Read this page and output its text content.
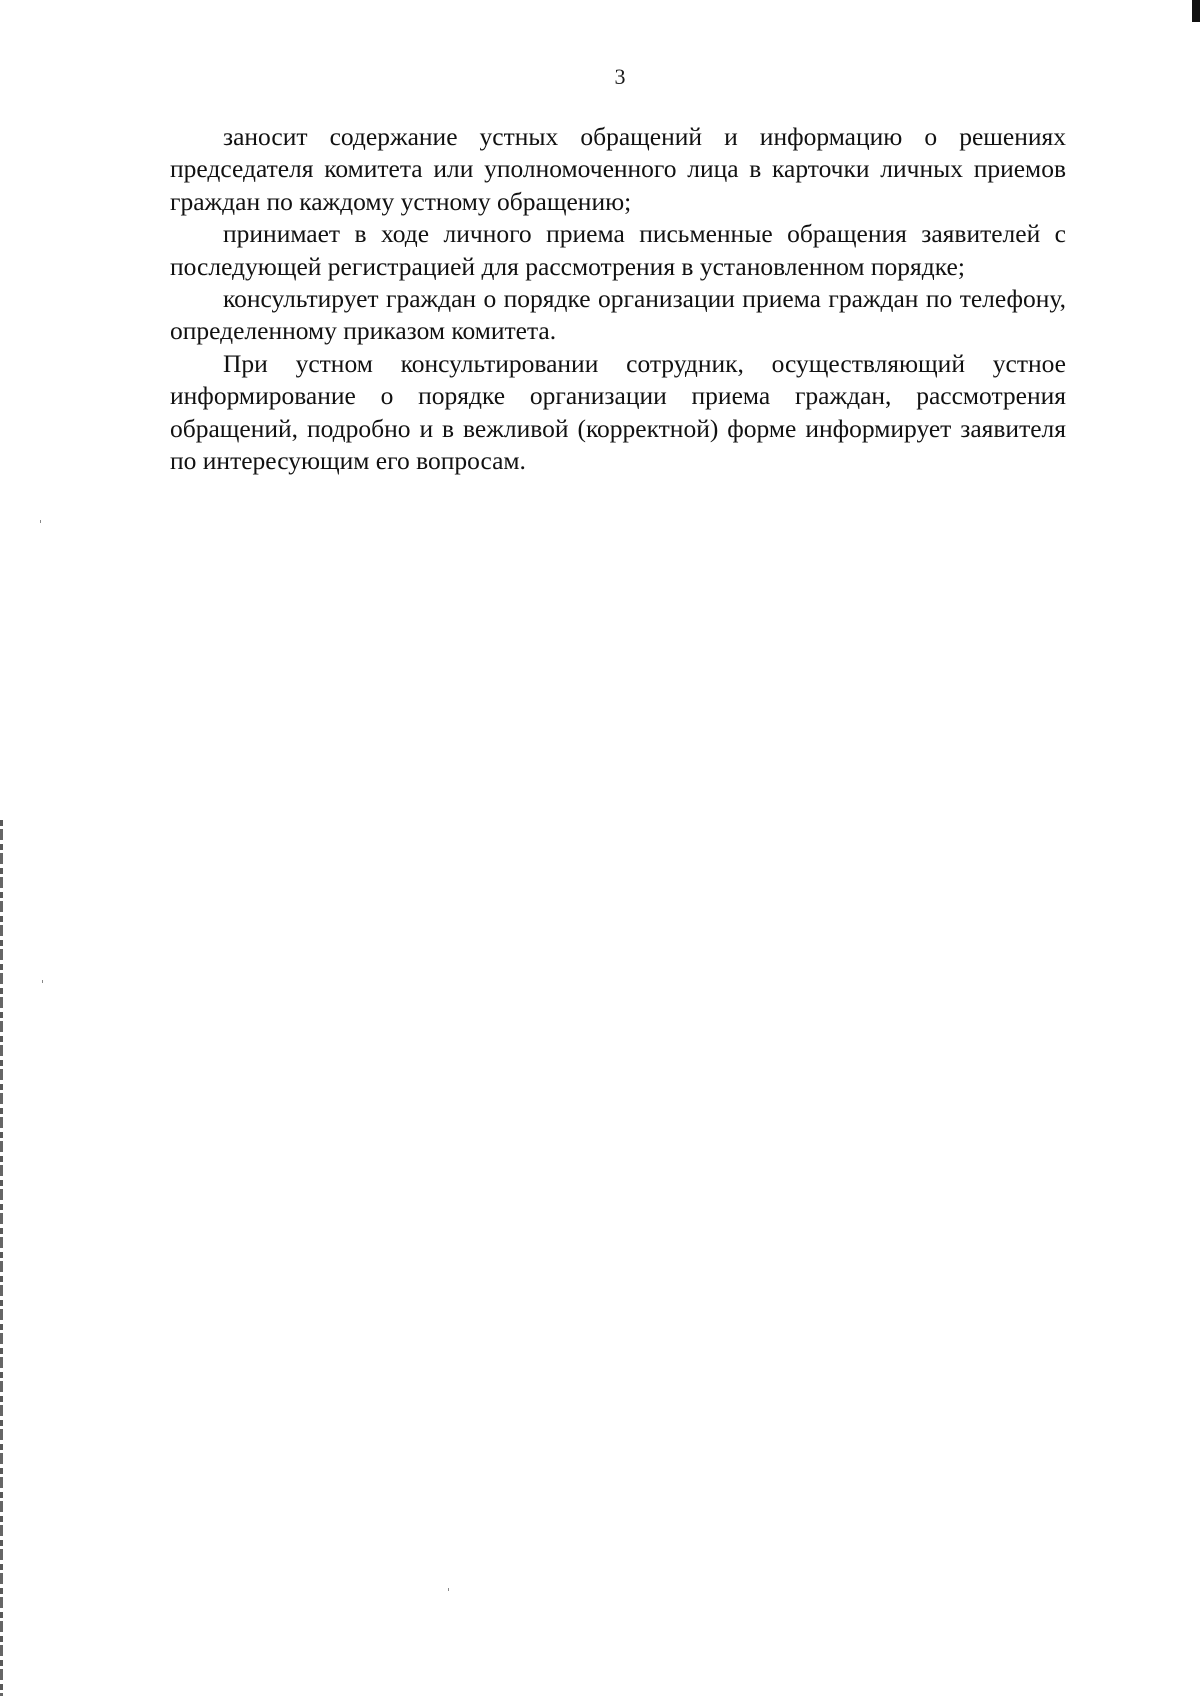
3

заносит содержание устных обращений и информацию о решениях председателя комитета или уполномоченного лица в карточки личных приемов граждан по каждому устному обращению;

принимает в ходе личного приема письменные обращения заявителей с последующей регистрацией для рассмотрения в установленном порядке;

консультирует граждан о порядке организации приема граждан по телефону, определенному приказом комитета.

При устном консультировании сотрудник, осуществляющий устное информирование о порядке организации приема граждан, рассмотрения обращений, подробно и в вежливой (корректной) форме информирует заявителя по интересующим его вопросам.
